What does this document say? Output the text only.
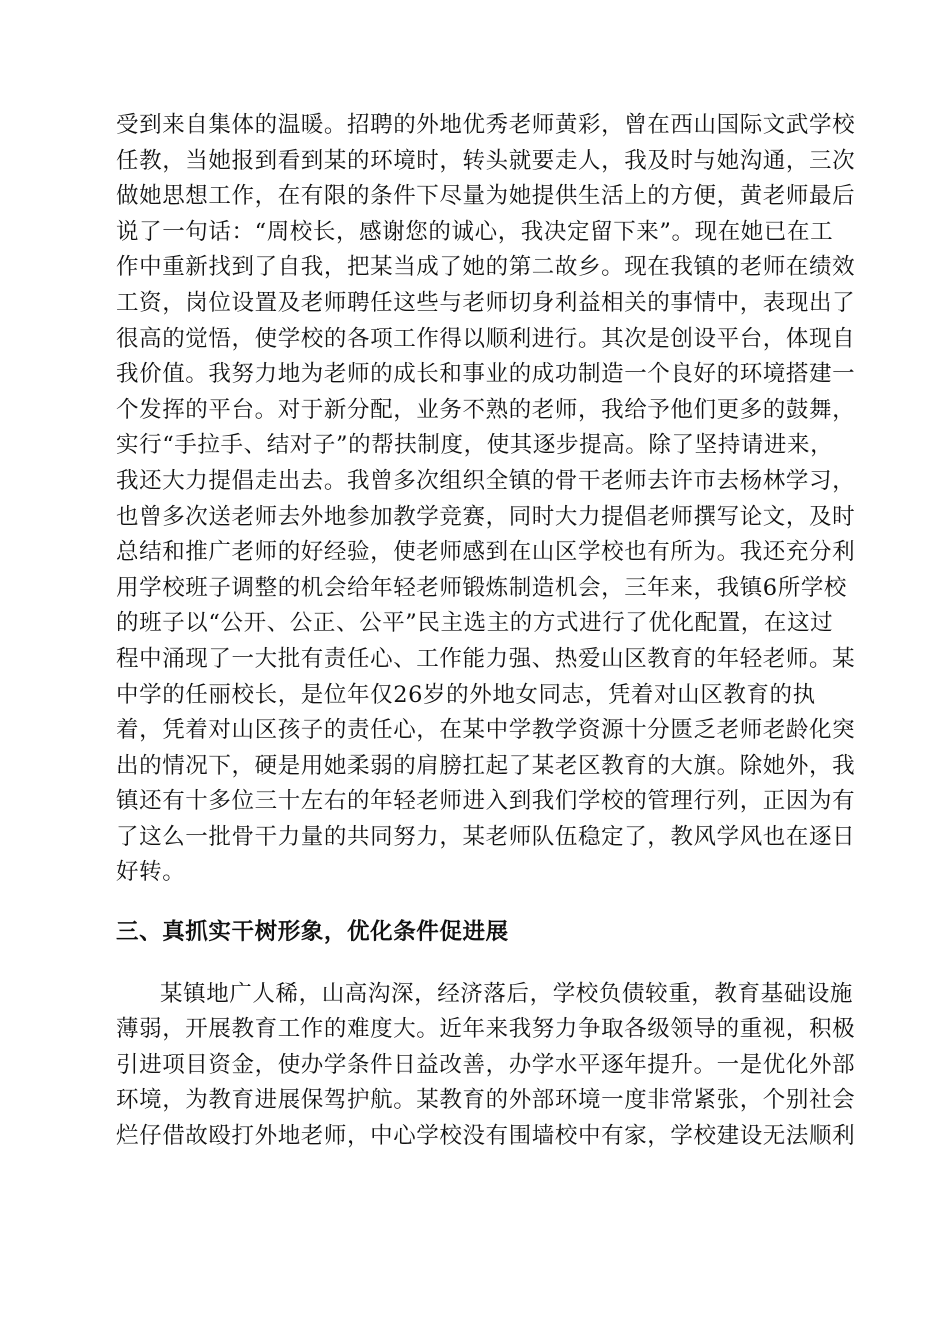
受到来自集体的温暖。招聘的外地优秀老师黄彩，曾在西山国际文武学校
任教，当她报到看到某的环境时，转头就要走人，我及时与她沟通，三次
做她思想工作，在有限的条件下尽量为她提供生活上的方便，黄老师最后
说了一句话：“周校长，感谢您的诚心，我决定留下来”。现在她已在工
作中重新找到了自我，把某当成了她的第二故乡。现在我镇的老师在绩效
工资，岗位设置及老师聘任这些与老师切身利益相关的事情中，表现出了
很高的觉悟，使学校的各项工作得以顺利进行。其次是创设平台，体现自
我价值。我努力地为老师的成长和事业的成功制造一个良好的环境搭建一
个发挥的平台。对于新分配，业务不熟的老师，我给予他们更多的鼓舞，
实行“手拉手、结对子”的帮扶制度，使其逐步提高。除了坚持请进来，
我还大力提倡走出去。我曾多次组织全镇的骨干老师去许市去杨林学习，
也曾多次送老师去外地参加教学竞赛，同时大力提倡老师撰写论文，及时
总结和推广老师的好经验，使老师感到在山区学校也有所为。我还充分利
用学校班子调整的机会给年轻老师锻炼制造机会，三年来，我镇6所学校
的班子以“公开、公正、公平”民主选主的方式进行了优化配置，在这过
程中涌现了一大批有责任心、工作能力强、热爱山区教育的年轻老师。某
中学的任丽校长，是位年仅26岁的外地女同志，凭着对山区教育的执
着，凭着对山区孩子的责任心，在某中学教学资源十分匮乏老师老龄化突
出的情况下，硬是用她柔弱的肩膀扛起了某老区教育的大旗。除她外，我
镇还有十多位三十左右的年轻老师进入到我们学校的管理行列，正因为有
了这么一批骨干力量的共同努力，某老师队伍稳定了，教风学风也在逐日
好转。
三、真抓实干树形象，优化条件促进展
某镇地广人稀，山高沟深，经济落后，学校负债较重，教育基础设施
薄弱，开展教育工作的难度大。近年来我努力争取各级领导的重视，积极
引进项目资金，使办学条件日益改善，办学水平逐年提升。一是优化外部
环境，为教育进展保驾护航。某教育的外部环境一度非常紧张，个别社会
烂仔借故殴打外地老师，中心学校没有围墙校中有家，学校建设无法顺利
